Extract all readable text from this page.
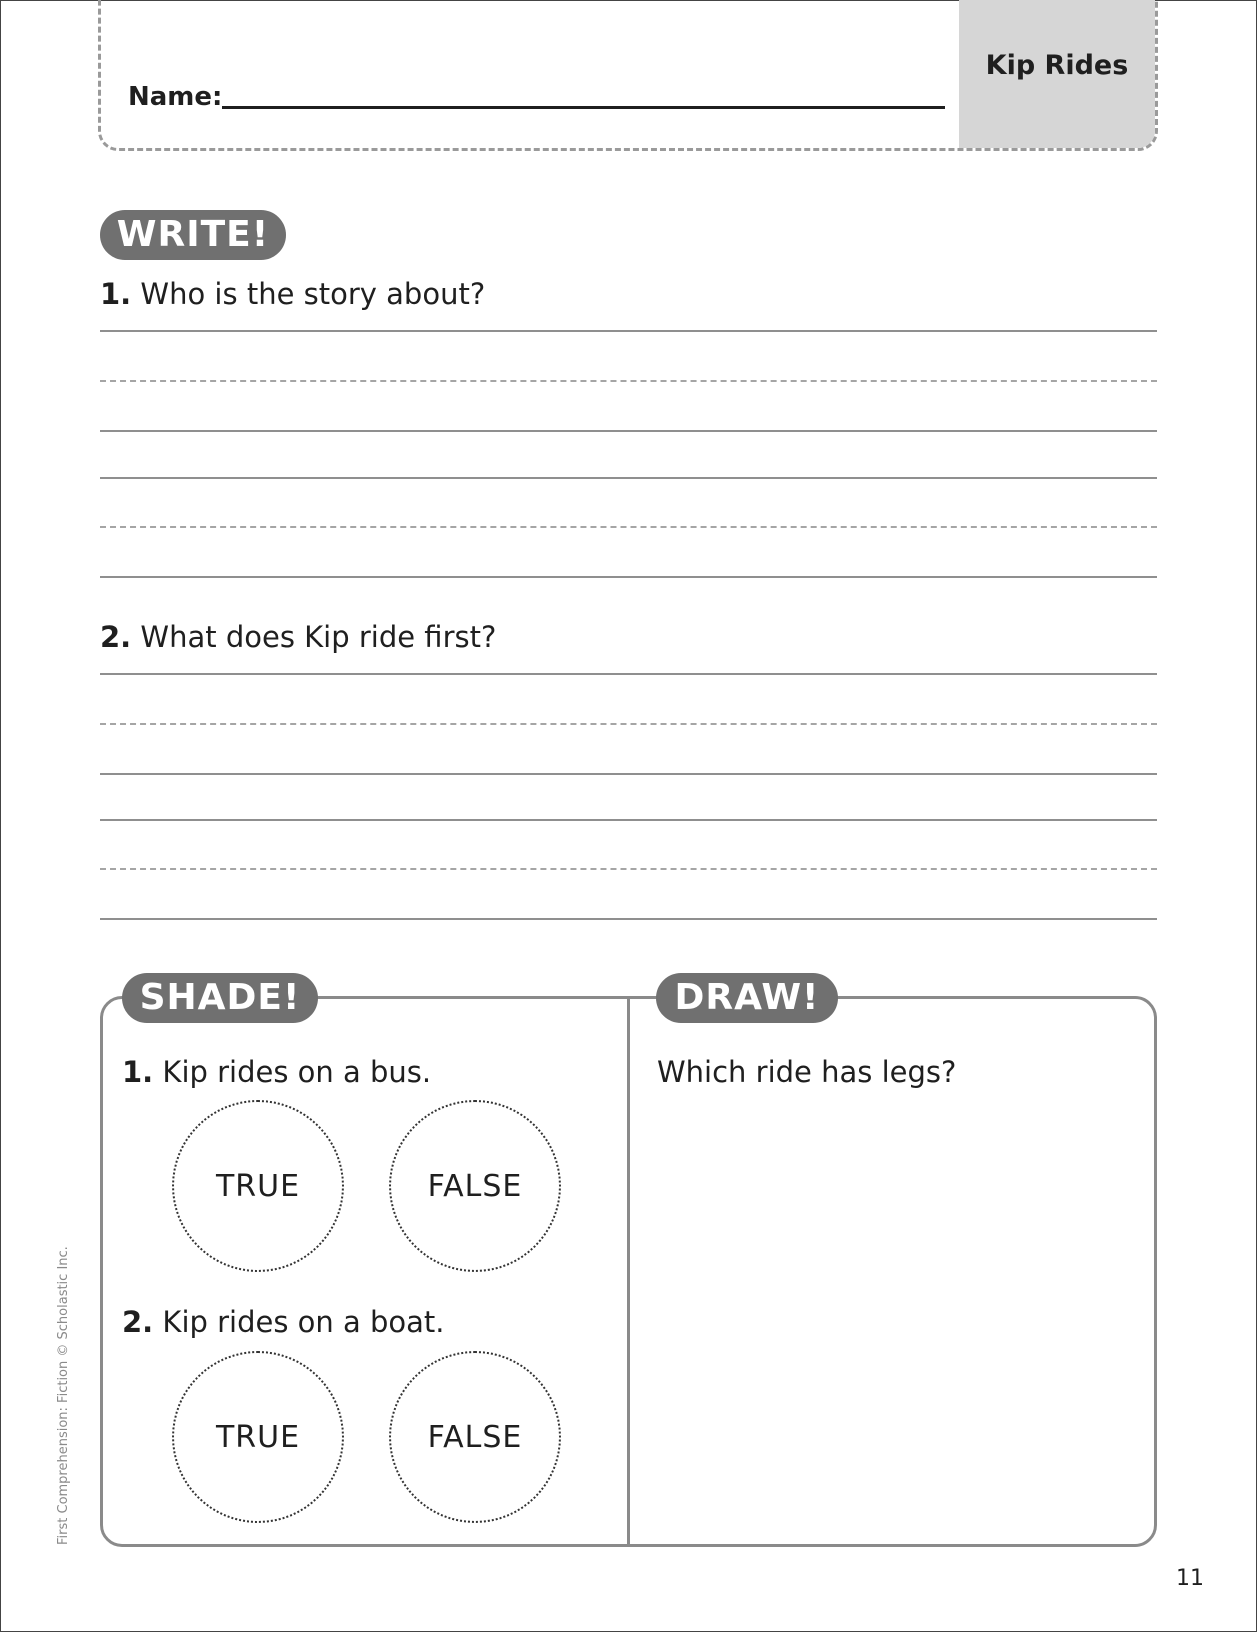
Kip Rides
Name:
WRITE!
1. Who is the story about?
2. What does Kip ride first?
SHADE!	DRAW!
1. Kip rides on a bus.
TRUE	FALSE
2. Kip rides on a boat.
TRUE	FALSE
Which ride has legs?
First Comprehension: Fiction © Scholastic Inc.
11
